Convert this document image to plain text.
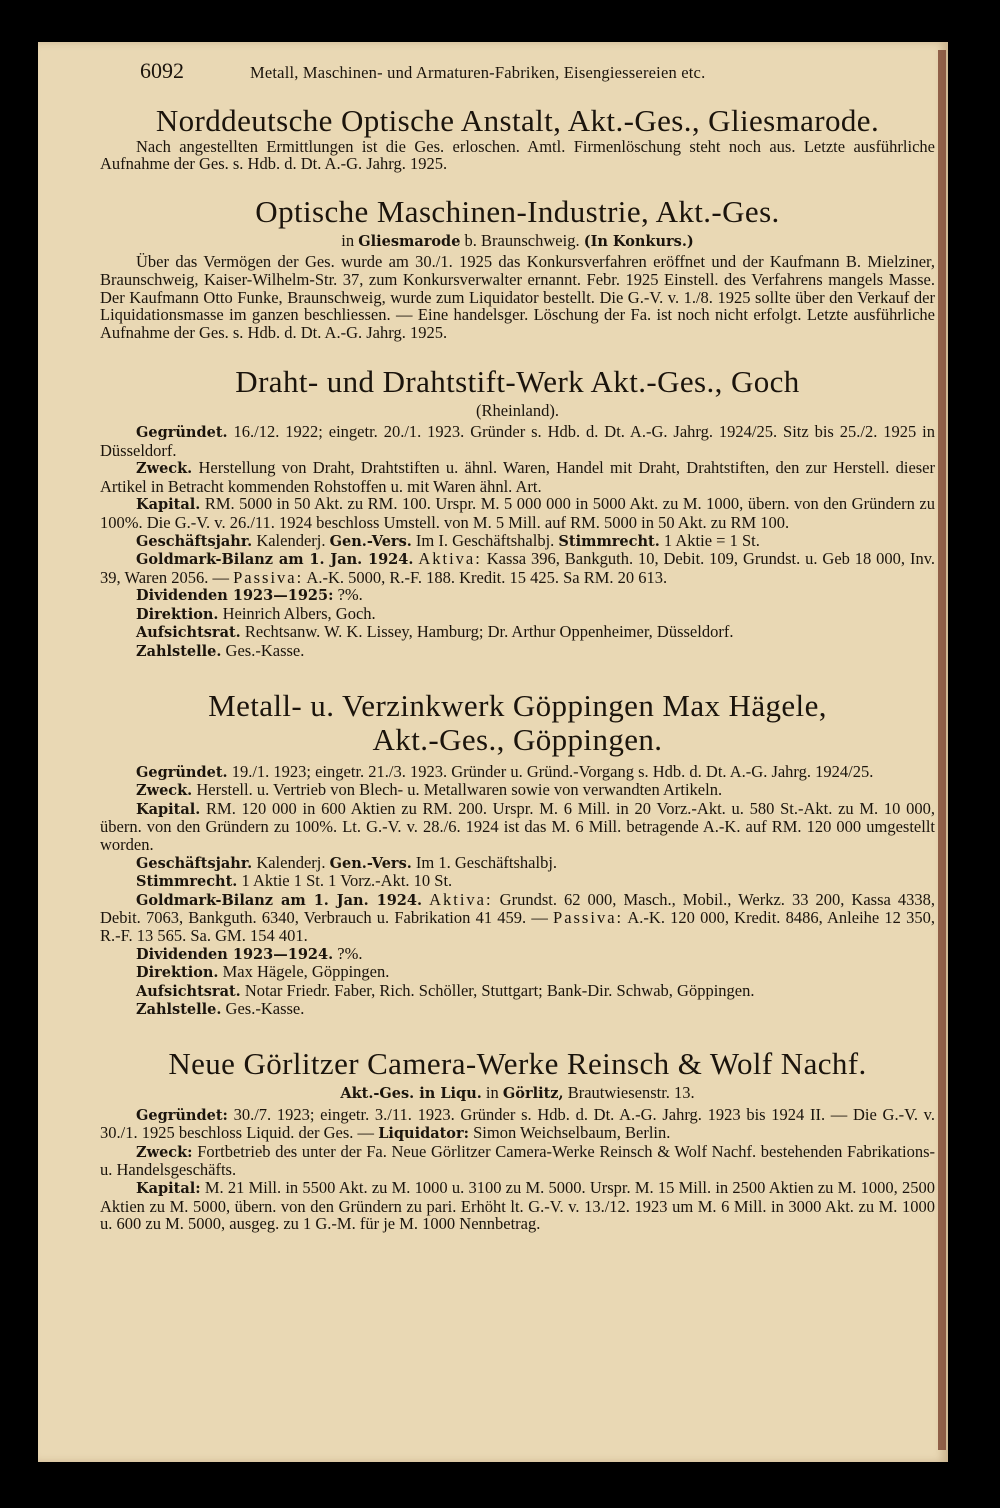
6092	Metall, Maschinen- und Armaturen-Fabriken, Eisengiessereien etc.
Norddeutsche Optische Anstalt, Akt.-Ges., Gliesmarode.

Nach angestellten Ermittlungen ist die Ges. erloschen. Amtl. Firmenlöschung steht noch aus. Letzte ausführliche Aufnahme der Ges. s. Hdb. d. Dt. A.-G. Jahrg. 1925.

Optische Maschinen-Industrie, Akt.-Ges.
in Gliesmarode b. Braunschweig. (In Konkurs.)

Über das Vermögen der Ges. wurde am 30./1. 1925 das Konkursverfahren eröffnet und der Kaufmann B. Mielziner, Braunschweig, Kaiser-Wilhelm-Str. 37, zum Konkursverwalter ernannt. Febr. 1925 Einstell. des Verfahrens mangels Masse. Der Kaufmann Otto Funke, Braunschweig, wurde zum Liquidator bestellt. Die G.-V. v. 1./8. 1925 sollte über den Verkauf der Liquidationsmasse im ganzen beschliessen. — Eine handelsger. Löschung der Fa. ist noch nicht erfolgt. Letzte ausführliche Aufnahme der Ges. s. Hdb. d. Dt. A.-G. Jahrg. 1925.

Draht- und Drahtstift-Werk Akt.-Ges., Goch
(Rheinland).

Gegründet. 16./12. 1922; eingetr. 20./1. 1923. Gründer s. Hdb. d. Dt. A.-G. Jahrg. 1924/25. Sitz bis 25./2. 1925 in Düsseldorf.

Zweck. Herstellung von Draht, Drahtstiften u. ähnl. Waren, Handel mit Draht, Drahtstiften, den zur Herstell. dieser Artikel in Betracht kommenden Rohstoffen u. mit Waren ähnl. Art.

Kapital. RM. 5000 in 50 Akt. zu RM. 100. Urspr. M. 5 000 000 in 5000 Akt. zu M. 1000, übern. von den Gründern zu 100%. Die G.-V. v. 26./11. 1924 beschloss Umstell. von M. 5 Mill. auf RM. 5000 in 50 Akt. zu RM 100.

Geschäftsjahr. Kalenderj. Gen.-Vers. Im I. Geschäftshalbj. Stimmrecht. 1 Aktie = 1 St.

Goldmark-Bilanz am 1. Jan. 1924. Aktiva: Kassa 396, Bankguth. 10, Debit. 109, Grundst. u. Geb 18 000, Inv. 39, Waren 2056. — Passiva: A.-K. 5000, R.-F. 188. Kredit. 15 425. Sa RM. 20 613.

Dividenden 1923—1925: ?%.

Direktion. Heinrich Albers, Goch.

Aufsichtsrat. Rechtsanw. W. K. Lissey, Hamburg; Dr. Arthur Oppenheimer, Düsseldorf.

Zahlstelle. Ges.-Kasse.

Metall- u. Verzinkwerk Göppingen Max Hägele,
Akt.-Ges., Göppingen.

Gegründet. 19./1. 1923; eingetr. 21./3. 1923. Gründer u. Gründ.-Vorgang s. Hdb. d. Dt. A.-G. Jahrg. 1924/25.

Zweck. Herstell. u. Vertrieb von Blech- u. Metallwaren sowie von verwandten Artikeln.

Kapital. RM. 120 000 in 600 Aktien zu RM. 200. Urspr. M. 6 Mill. in 20 Vorz.-Akt. u. 580 St.-Akt. zu M. 10 000, übern. von den Gründern zu 100%. Lt. G.-V. v. 28./6. 1924 ist das M. 6 Mill. betragende A.-K. auf RM. 120 000 umgestellt worden.

Geschäftsjahr. Kalenderj. Gen.-Vers. Im 1. Geschäftshalbj.

Stimmrecht. 1 Aktie 1 St. 1 Vorz.-Akt. 10 St.

Goldmark-Bilanz am 1. Jan. 1924. Aktiva: Grundst. 62 000, Masch., Mobil., Werkz. 33 200, Kassa 4338, Debit. 7063, Bankguth. 6340, Verbrauch u. Fabrikation 41 459. — Passiva: A.-K. 120 000, Kredit. 8486, Anleihe 12 350, R.-F. 13 565. Sa. GM. 154 401.

Dividenden 1923—1924. ?%.

Direktion. Max Hägele, Göppingen.

Aufsichtsrat. Notar Friedr. Faber, Rich. Schöller, Stuttgart; Bank-Dir. Schwab, Göppingen.

Zahlstelle. Ges.-Kasse.

Neue Görlitzer Camera-Werke Reinsch & Wolf Nachf.
Akt.-Ges. in Liqu. in Görlitz, Brautwiesenstr. 13.

Gegründet: 30./7. 1923; eingetr. 3./11. 1923. Gründer s. Hdb. d. Dt. A.-G. Jahrg. 1923 bis 1924 II. — Die G.-V. v. 30./1. 1925 beschloss Liquid. der Ges. — Liquidator: Simon Weichselbaum, Berlin.

Zweck: Fortbetrieb des unter der Fa. Neue Görlitzer Camera-Werke Reinsch & Wolf Nachf. bestehenden Fabrikations- u. Handelsgeschäfts.

Kapital: M. 21 Mill. in 5500 Akt. zu M. 1000 u. 3100 zu M. 5000. Urspr. M. 15 Mill. in 2500 Aktien zu M. 1000, 2500 Aktien zu M. 5000, übern. von den Gründern zu pari. Erhöht lt. G.-V. v. 13./12. 1923 um M. 6 Mill. in 3000 Akt. zu M. 1000 u. 600 zu M. 5000, ausgeg. zu 1 G.-M. für je M. 1000 Nennbetrag.
